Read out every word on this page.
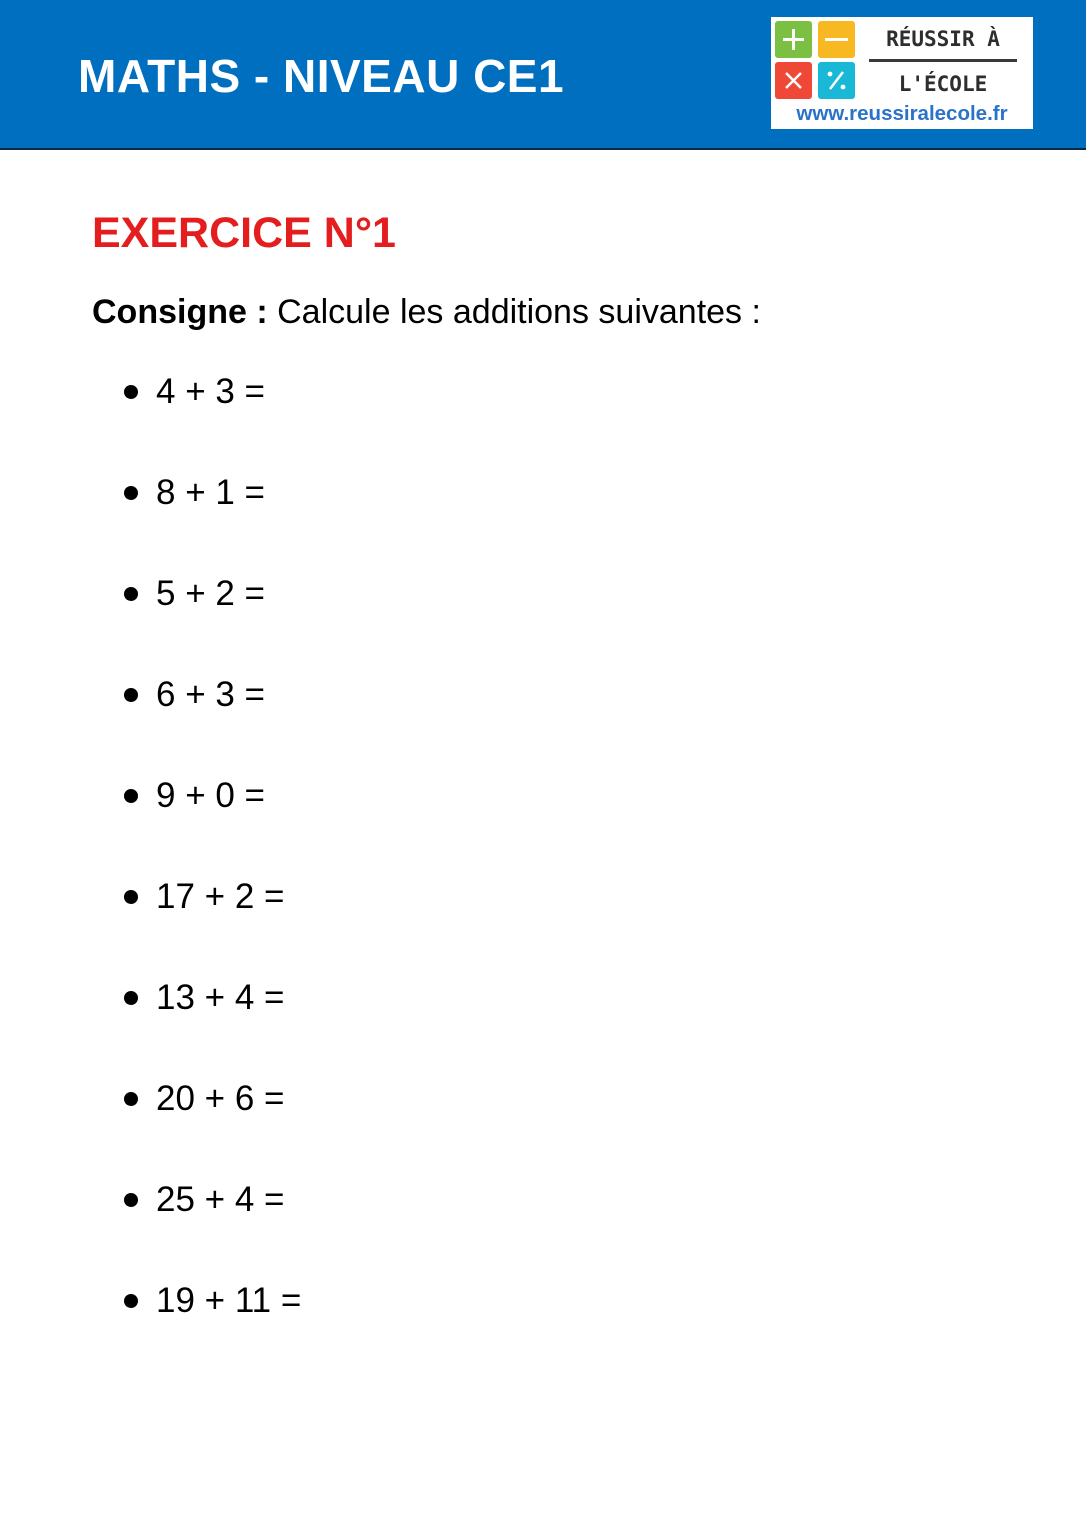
MATHS - NIVEAU CE1
RÉUSSIR À
L'ÉCOLE
www.reussiralecole.fr
EXERCICE N°1
Consigne : Calcule les additions suivantes :
4 + 3 =
8 + 1 =
5 + 2 =
6 + 3 =
9 + 0 =
17 + 2 =
13 + 4 =
20 + 6 =
25 + 4 =
19 + 11 =
